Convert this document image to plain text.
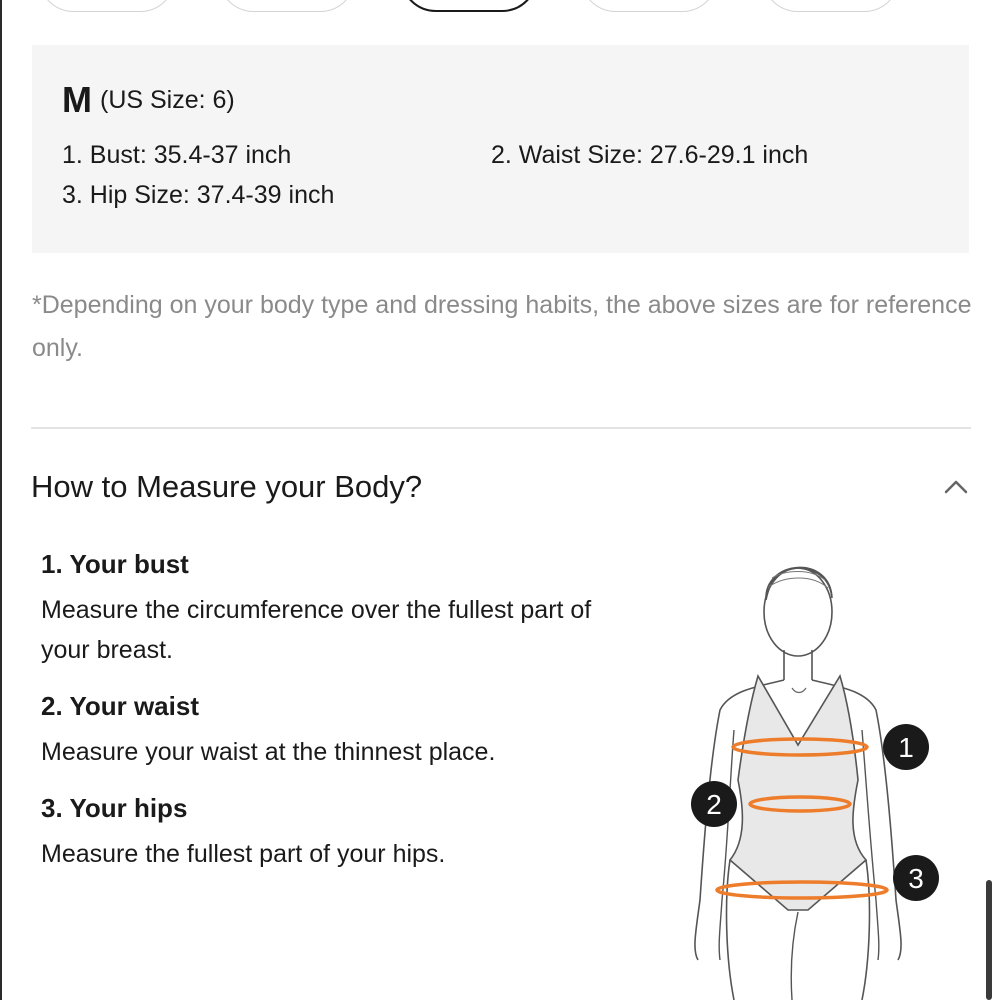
M (US Size: 6)
1. Bust: 35.4-37 inch	2. Waist Size: 27.6-29.1 inch
3. Hip Size: 37.4-39 inch
*Depending on your body type and dressing habits, the above sizes are for reference only.
How to Measure your Body?

1. Your bust

Measure the circumference over the fullest part of your breast.

2. Your waist

Measure your waist at the thinnest place.

3. Your hips

Measure the fullest part of your hips.

1
2
3
